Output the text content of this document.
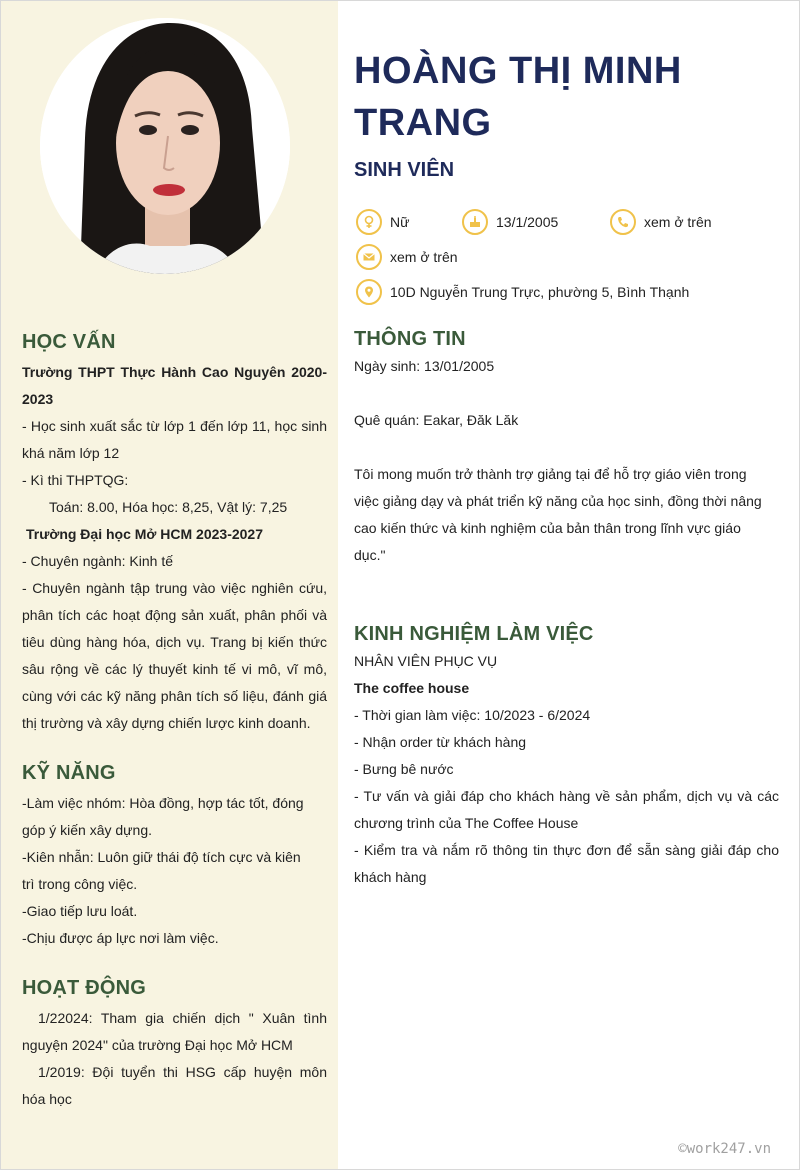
HỌC VẤN

Trường THPT Thực Hành Cao Nguyên 2020-2023

- Học sinh xuất sắc từ lớp 1 đến lớp 11, học sinh khá năm lớp 12

- Kì thi THPTQG:

Toán: 8.00, Hóa học: 8,25, Vật lý: 7,25

Trường Đại học Mở HCM 2023-2027

- Chuyên ngành: Kinh tế

- Chuyên ngành tập trung vào việc nghiên cứu, phân tích các hoạt động sản xuất, phân phối và tiêu dùng hàng hóa, dịch vụ. Trang bị kiến thức sâu rộng về các lý thuyết kinh tế vi mô, vĩ mô, cùng với các kỹ năng phân tích số liệu, đánh giá thị trường và xây dựng chiến lược kinh doanh.

KỸ NĂNG

-Làm việc nhóm: Hòa đồng, hợp tác tốt, đóng góp ý kiến xây dựng.

-Kiên nhẫn: Luôn giữ thái độ tích cực và kiên trì trong công việc.

-Giao tiếp lưu loát.

-Chịu được áp lực nơi làm việc.

HOẠT ĐỘNG

1/22024: Tham gia chiến dịch " Xuân tình nguyện 2024" của trường Đại học Mở HCM

1/2019: Đội tuyển thi HSG cấp huyện môn hóa học

HOÀNG THỊ MINH TRANG
SINH VIÊN
Nữ	13/1/2005	xem ở trên
xem ở trên
10D Nguyễn Trung Trực, phường 5, Bình Thạnh
THÔNG TIN

Ngày sinh: 13/01/2005

Quê quán: Eakar, Đăk Lăk

Tôi mong muốn trở thành trợ giảng tại để hỗ trợ giáo viên trong việc giảng dạy và phát triển kỹ năng của học sinh, đồng thời nâng cao kiến thức và kinh nghiệm của bản thân trong lĩnh vực giáo dục."

KINH NGHIỆM LÀM VIỆC

NHÂN VIÊN PHỤC VỤ

The coffee house

- Thời gian làm việc: 10/2023 - 6/2024

- Nhận order từ khách hàng

- Bưng bê nước

- Tư vấn và giải đáp cho khách hàng về sản phẩm, dịch vụ và các chương trình của The Coffee House

- Kiểm tra và nắm rõ thông tin thực đơn để sẵn sàng giải đáp cho khách hàng

©work247.vn
